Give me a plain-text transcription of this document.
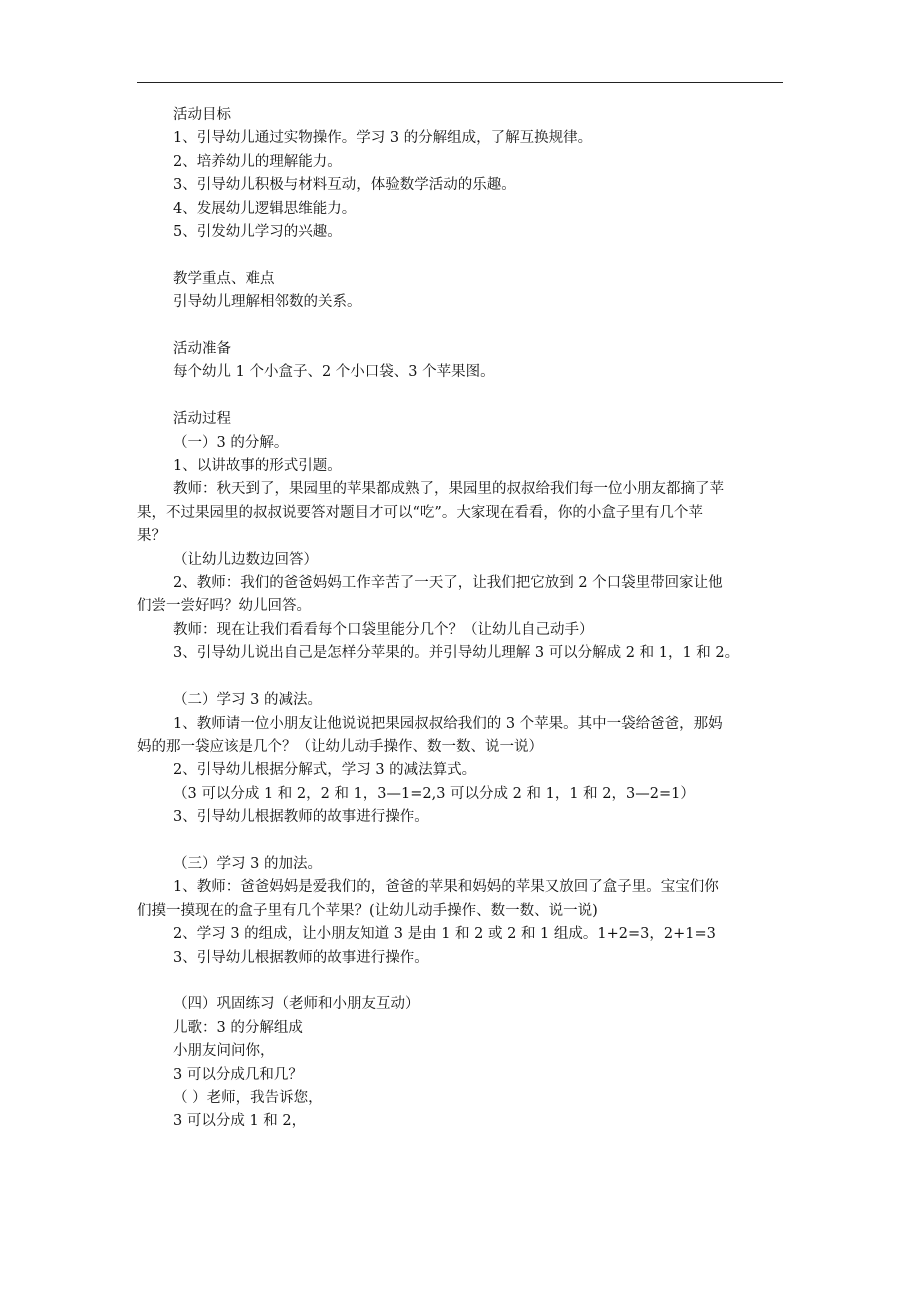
活动目标
1、引导幼儿通过实物操作。学习 3 的分解组成，了解互换规律。
2、培养幼儿的理解能力。
3、引导幼儿积极与材料互动，体验数学活动的乐趣。
4、发展幼儿逻辑思维能力。
5、引发幼儿学习的兴趣。
教学重点、难点
引导幼儿理解相邻数的关系。
活动准备
每个幼儿 1 个小盒子、2 个小口袋、3 个苹果图。
活动过程
（一）3 的分解。
1、以讲故事的形式引题。
教师：秋天到了，果园里的苹果都成熟了，果园里的叔叔给我们每一位小朋友都摘了苹
果，不过果园里的叔叔说要答对题目才可以“吃”。大家现在看看，你的小盒子里有几个苹
果？
（让幼儿边数边回答）
2、教师：我们的爸爸妈妈工作辛苦了一天了，让我们把它放到 2 个口袋里带回家让他
们尝一尝好吗？幼儿回答。
教师：现在让我们看看每个口袋里能分几个？（让幼儿自己动手）
3、引导幼儿说出自己是怎样分苹果的。并引导幼儿理解 3 可以分解成 2 和 1，1 和 2。
（二）学习 3 的减法。
1、教师请一位小朋友让他说说把果园叔叔给我们的 3 个苹果。其中一袋给爸爸，那妈
妈的那一袋应该是几个？（让幼儿动手操作、数一数、说一说）
2、引导幼儿根据分解式，学习 3 的减法算式。
（3 可以分成 1 和 2，2 和 1，3—1=2,3 可以分成 2 和 1，1 和 2，3—2=1）
3、引导幼儿根据教师的故事进行操作。
（三）学习 3 的加法。
1、教师：爸爸妈妈是爱我们的，爸爸的苹果和妈妈的苹果又放回了盒子里。宝宝们你
们摸一摸现在的盒子里有几个苹果？(让幼儿动手操作、数一数、说一说)
2、学习 3 的组成，让小朋友知道 3 是由 1 和 2 或 2 和 1 组成。1+2=3，2+1=3
3、引导幼儿根据教师的故事进行操作。
（四）巩固练习（老师和小朋友互动）
儿歌：3 的分解组成
小朋友问问你，
3 可以分成几和几？
（ ）老师，我告诉您，
3 可以分成 1 和 2，
